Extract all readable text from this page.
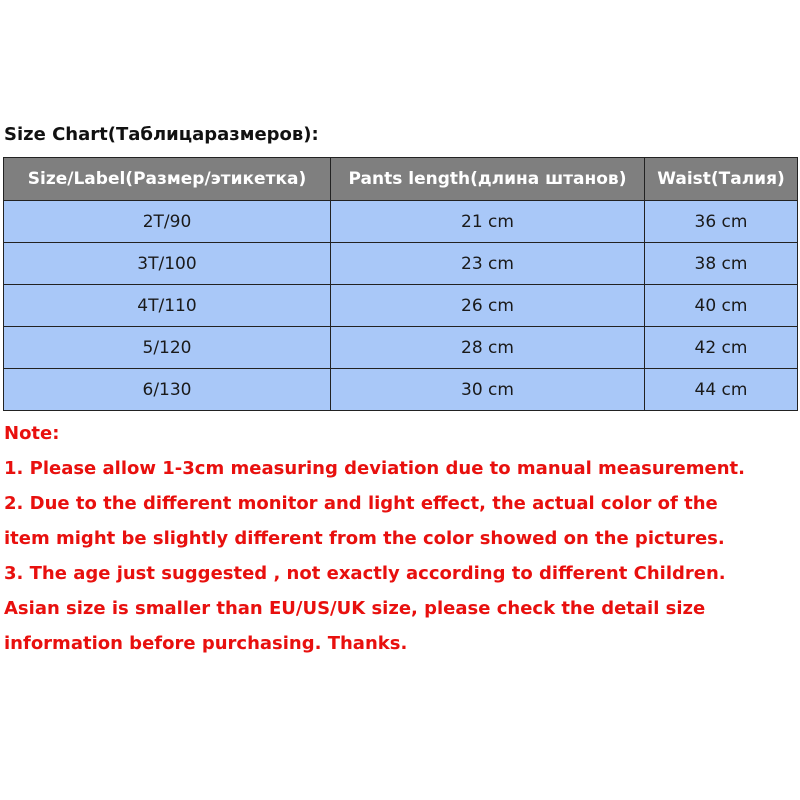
Size Chart(Таблицаразмеров):
Size/Label(Размер/этикетка)	Pants length(длина штанов)	Waist(Талия)
2T/90	21 cm	36 cm
3T/100	23 cm	38 cm
4T/110	26 cm	40 cm
5/120	28 cm	42 cm
6/130	30 cm	44 cm
Note:
1. Please allow 1-3cm measuring deviation due to manual measurement.
2. Due to the different monitor and light effect, the actual color of the
item might be slightly different from the color showed on the pictures.
3. The age just suggested , not exactly according to different Children.
Asian size is smaller than EU/US/UK size, please check the detail size
information before purchasing. Thanks.
